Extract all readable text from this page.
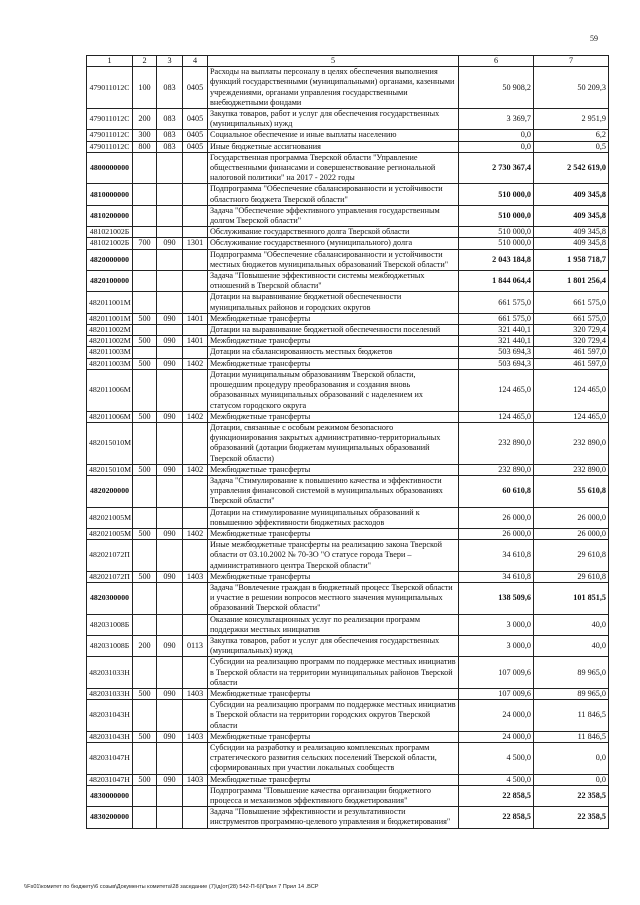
59
1	2	3	4	5	6	7
479011012С	100	083	0405	Расходы на выплаты персоналу в целях обеспечения выполнения функций государственными (муниципальными) органами, казенными учреждениями, органами управления государственными внебюджетными фондами	50 908,2	50 209,3
479011012С	200	083	0405	Закупка товаров, работ и услуг для обеспечения государственных (муниципальных) нужд	3 369,7	2 951,9
479011012С	300	083	0405	Социальное обеспечение и иные выплаты населению	0,0	6,2
479011012С	800	083	0405	Иные бюджетные ассигнования	0,0	0,5
4800000000				Государственная программа Тверской области "Управление общественными финансами и совершенствование региональной налоговой политики" на 2017 - 2022 годы	2 730 367,4	2 542 619,0
4810000000				Подпрограмма "Обеспечение сбалансированности и устойчивости областного бюджета Тверской области"	510 000,0	409 345,8
4810200000				Задача "Обеспечение эффективного управления государственным долгом Тверской области"	510 000,0	409 345,8
481021002Б				Обслуживание государственного долга Тверской области	510 000,0	409 345,8
481021002Б	700	090	1301	Обслуживание государственного (муниципального) долга	510 000,0	409 345,8
4820000000				Подпрограмма "Обеспечение сбалансированности и устойчивости местных бюджетов муниципальных образований Тверской области"	2 043 184,8	1 958 718,7
4820100000				Задача "Повышение эффективности системы межбюджетных отношений в Тверской области"	1 844 064,4	1 801 256,4
482011001М				Дотации на выравнивание бюджетной обеспеченности муниципальных районов и городских округов	661 575,0	661 575,0
482011001М	500	090	1401	Межбюджетные трансферты	661 575,0	661 575,0
482011002М				Дотации на выравнивание бюджетной обеспеченности поселений	321 440,1	320 729,4
482011002М	500	090	1401	Межбюджетные трансферты	321 440,1	320 729,4
482011003М				Дотации на сбалансированность местных бюджетов	503 694,3	461 597,0
482011003М	500	090	1402	Межбюджетные трансферты	503 694,3	461 597,0
482011006М				Дотации муниципальным образованиям Тверской области, прошедшим процедуру преобразования и создания вновь образованных муниципальных образований с наделением их статусом городского округа	124 465,0	124 465,0
482011006М	500	090	1402	Межбюджетные трансферты	124 465,0	124 465,0
482015010М				Дотации, связанные с особым режимом безопасного функционирования закрытых административно-территориальных образований (дотации бюджетам муниципальных образований Тверской области)	232 890,0	232 890,0
482015010М	500	090	1402	Межбюджетные трансферты	232 890,0	232 890,0
4820200000				Задача "Стимулирование к повышению качества и эффективности управления финансовой системой в муниципальных образованиях Тверской области"	60 610,8	55 610,8
482021005М				Дотации на стимулирование муниципальных образований к повышению эффективности бюджетных расходов	26 000,0	26 000,0
482021005М	500	090	1402	Межбюджетные трансферты	26 000,0	26 000,0
482021072П				Иные межбюджетные трансферты на реализацию закона Тверской области от 03.10.2002 № 70-ЗО "О статусе города Твери – административного центра Тверской области"	34 610,8	29 610,8
482021072П	500	090	1403	Межбюджетные трансферты	34 610,8	29 610,8
4820300000				Задача "Вовлечение граждан в бюджетный процесс Тверской области и участие в решении вопросов местного значения муниципальных образований Тверской области"	138 509,6	101 851,5
482031008Б				Оказание консультационных услуг по реализации программ поддержки местных инициатив	3 000,0	40,0
482031008Б	200	090	0113	Закупка товаров, работ и услуг для обеспечения государственных (муниципальных) нужд	3 000,0	40,0
482031033Н				Субсидии на реализацию программ по поддержке местных инициатив в Тверской области на территории муниципальных районов Тверской области	107 009,6	89 965,0
482031033Н	500	090	1403	Межбюджетные трансферты	107 009,6	89 965,0
482031043Н				Субсидии на реализацию программ по поддержке местных инициатив в Тверской области на территории городских округов Тверской области	24 000,0	11 846,5
482031043Н	500	090	1403	Межбюджетные трансферты	24 000,0	11 846,5
482031047Н				Субсидии на разработку и реализацию комплексных программ стратегического развития сельских поселений Тверской области, сформированных при участии локальных сообществ	4 500,0	0,0
482031047Н	500	090	1403	Межбюджетные трансферты	4 500,0	0,0
4830000000				Подпрограмма "Повышение качества организации бюджетного процесса и механизмов эффективного бюджетирования"	22 858,5	22 358,5
4830200000				Задача "Повышение эффективности и результативности инструментов программно-целевого управления и бюджетирования"	22 858,5	22 358,5
\\Fs01\комитет по бюджету\6 созыв\Документы комитета\28 заседание (7)\д(от(28) 542-П-6)\Прил 7 Прил 14 .ВСР
